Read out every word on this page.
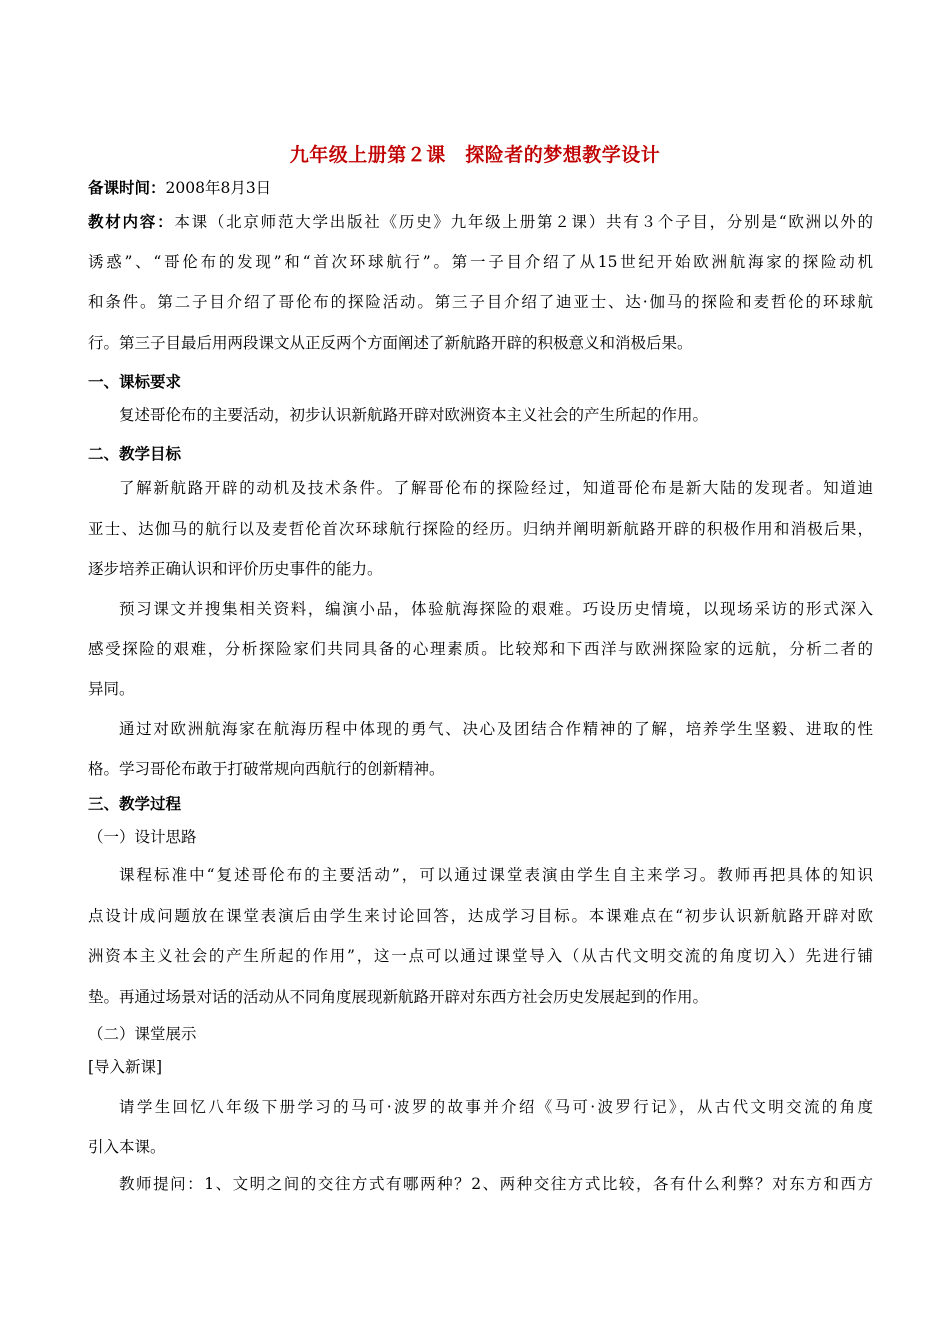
九年级上册第２课　探险者的梦想教学设计
备课时间：2008年8月3日
教材内容：本课（北京师范大学出版社《历史》九年级上册第２课）共有３个子目，分别是“欧洲以外的
诱惑”、“哥伦布的发现”和“首次环球航行”。第一子目介绍了从15世纪开始欧洲航海家的探险动机
和条件。第二子目介绍了哥伦布的探险活动。第三子目介绍了迪亚士、达·伽马的探险和麦哲伦的环球航
行。第三子目最后用两段课文从正反两个方面阐述了新航路开辟的积极意义和消极后果。
一、课标要求
复述哥伦布的主要活动，初步认识新航路开辟对欧洲资本主义社会的产生所起的作用。
二、教学目标
了解新航路开辟的动机及技术条件。了解哥伦布的探险经过，知道哥伦布是新大陆的发现者。知道迪
亚士、达伽马的航行以及麦哲伦首次环球航行探险的经历。归纳并阐明新航路开辟的积极作用和消极后果，
逐步培养正确认识和评价历史事件的能力。
预习课文并搜集相关资料，编演小品，体验航海探险的艰难。巧设历史情境，以现场采访的形式深入
感受探险的艰难，分析探险家们共同具备的心理素质。比较郑和下西洋与欧洲探险家的远航，分析二者的
异同。
通过对欧洲航海家在航海历程中体现的勇气、决心及团结合作精神的了解，培养学生坚毅、进取的性
格。学习哥伦布敢于打破常规向西航行的创新精神。
三、教学过程
（一）设计思路
课程标准中“复述哥伦布的主要活动”，可以通过课堂表演由学生自主来学习。教师再把具体的知识
点设计成问题放在课堂表演后由学生来讨论回答，达成学习目标。本课难点在“初步认识新航路开辟对欧
洲资本主义社会的产生所起的作用”，这一点可以通过课堂导入（从古代文明交流的角度切入）先进行铺
垫。再通过场景对话的活动从不同角度展现新航路开辟对东西方社会历史发展起到的作用。
（二）课堂展示
[导入新课]
请学生回忆八年级下册学习的马可·波罗的故事并介绍《马可·波罗行记》，从古代文明交流的角度
引入本课。
教师提问：1、文明之间的交往方式有哪两种？2、两种交往方式比较，各有什么利弊？对东方和西方
